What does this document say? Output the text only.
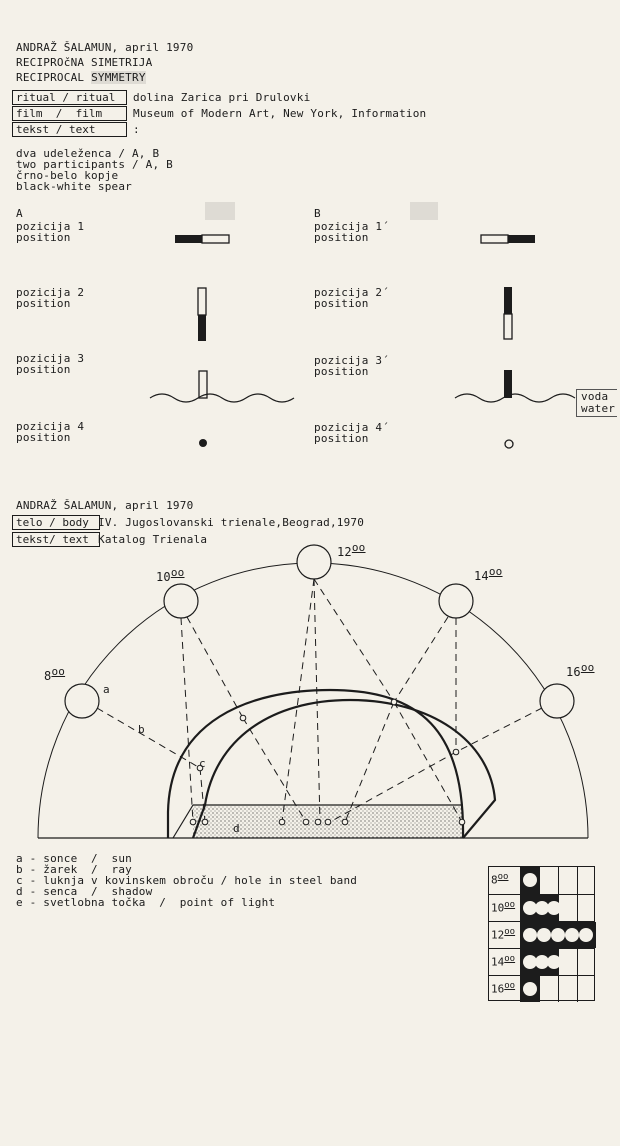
ANDRAŽ ŠALAMUN, april 1970
RECIPROčNA SIMETRIJA
RECIPROCAL SYMMETRY
ritual / ritual	dolina Zarica pri Drulovki
film  /  film	Museum of Modern Art, New York, Information
tekst / text	:
dva udeleženca / A, B
two participants / A, B
črno-belo kopje
black-white spear
A
pozicija 1
position
pozicija 2
position
pozicija 3
position
pozicija 4
position
B
pozicija 1´
position
pozicija 2´
position
pozicija 3´
position
pozicija 4´
position
voda
water
ANDRAŽ ŠALAMUN, april 1970
telo / body IV. Jugoslovanski trienale,Beograd,1970
tekst/ text Katalog Trienala
$8^{oo}$
$10^{oo}$
$12^{oo}$
$14^{oo}$
$16^{oo}$
a
b
c
d
a - sonce  /  sun
b - žarek  /  ray
c - luknja v kovinskem obroču / hole in steel band
d - senca  /  shadow
e - svetlobna točka  /  point of light
$8^{oo}$
$10^{oo}$
$12^{oo}$
$14^{oo}$
$16^{oo}$
